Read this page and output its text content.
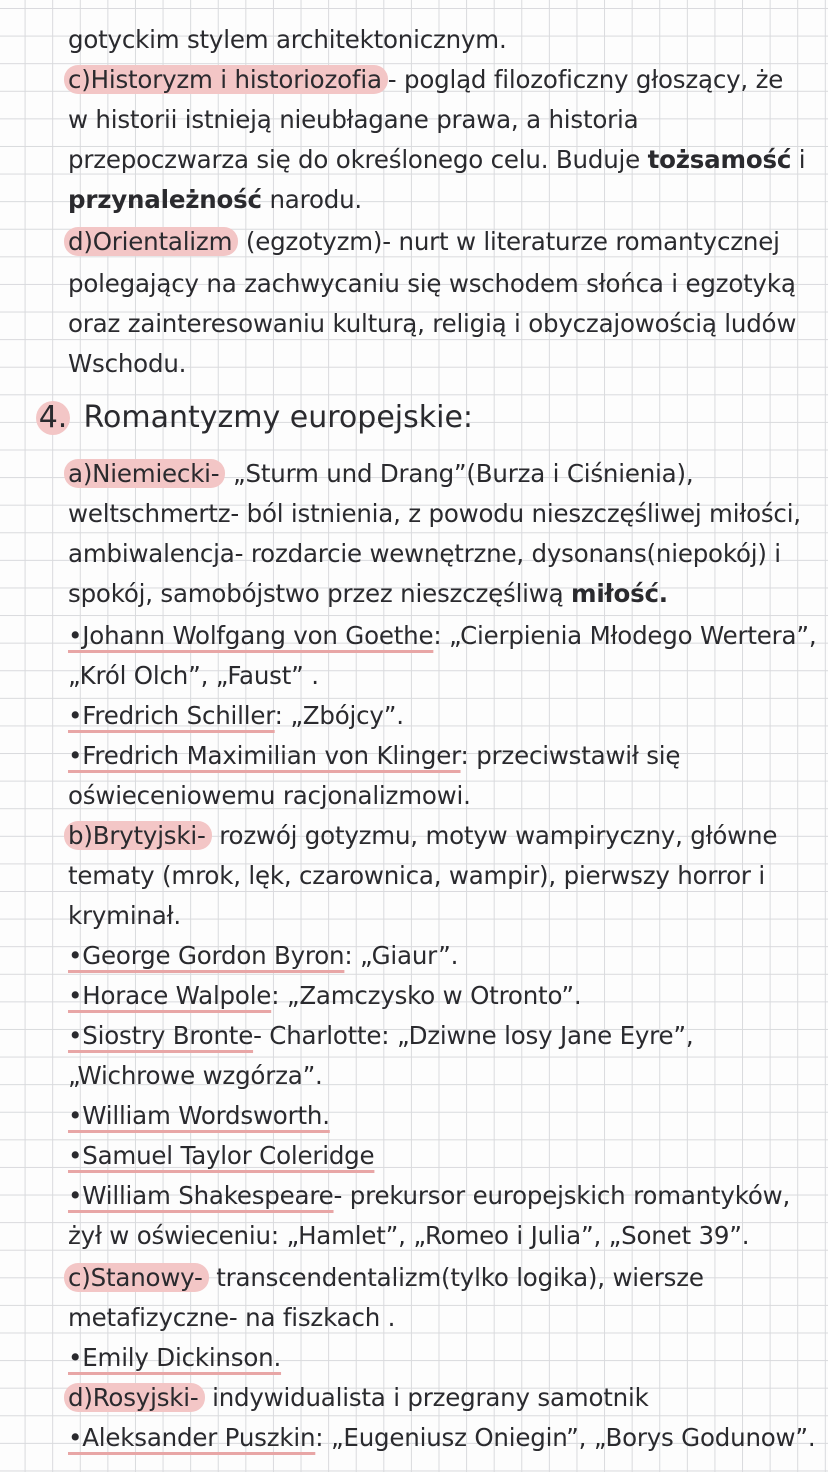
gotyckim stylem architektonicznym.

c)Historyzm i historiozofia - pogląd filozoficzny głoszący, że

w historii istnieją nieubłagane prawa, a historia

przepoczwarza się do określonego celu. Buduje tożsamość i

przynależność narodu.

d)Orientalizm (egzotyzm)- nurt w literaturze romantycznej

polegający na zachwycaniu się wschodem słońca i egzotyką

oraz zainteresowaniu kulturą, religią i obyczajowością ludów

Wschodu.

4. Romantyzmy europejskie:

a)Niemiecki- „Sturm und Drang”(Burza i Ciśnienia),

weltschmertz- ból istnienia, z powodu nieszczęśliwej miłości,

ambiwalencja- rozdarcie wewnętrzne, dysonans(niepokój) i

spokój, samobójstwo przez nieszczęśliwą miłość.

•Johann Wolfgang von Goethe: „Cierpienia Młodego Wertera”,

„Król Olch”, „Faust” .

•Fredrich Schiller: „Zbójcy”.

•Fredrich Maximilian von Klinger: przeciwstawił się

oświeceniowemu racjonalizmowi.

b)Brytyjski- rozwój gotyzmu, motyw wampiryczny, główne

tematy (mrok, lęk, czarownica, wampir), pierwszy horror i

kryminał.

•George Gordon Byron: „Giaur”.

•Horace Walpole: „Zamczysko w Otronto”.

•Siostry Bronte- Charlotte: „Dziwne losy Jane Eyre”,

„Wichrowe wzgórza”.

•William Wordsworth.

•Samuel Taylor Coleridge

•William Shakespeare- prekursor europejskich romantyków,

żył w oświeceniu: „Hamlet”, „Romeo i Julia”, „Sonet 39”.

c)Stanowy- transcendentalizm(tylko logika), wiersze

metafizyczne- na fiszkach .

•Emily Dickinson.

d)Rosyjski- indywidualista i przegrany samotnik

•Aleksander Puszkin: „Eugeniusz Oniegin”, „Borys Godunow”.
